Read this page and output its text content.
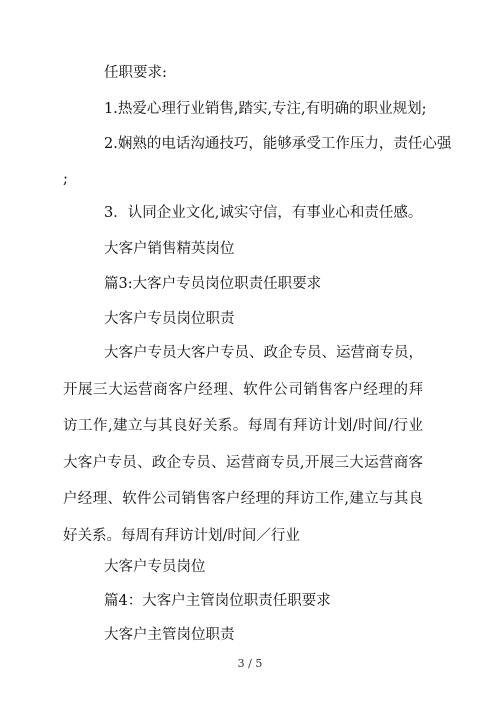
任职要求:
1.热爱心理行业销售,踏实,专注,有明确的职业规划;
2.娴熟的电话沟通技巧，能够承受工作压力，责任心强
;
3．认同企业文化,诚实守信，有事业心和责任感。
大客户销售精英岗位
篇3:大客户专员岗位职责任职要求
大客户专员岗位职责
大客户专员大客户专员、政企专员、运营商专员，开展三大运营商客户经理、软件公司销售客户经理的拜访工作,建立与其良好关系。每周有拜访计划/时间/行业大客户专员、政企专员、运营商专员,开展三大运营商客户经理、软件公司销售客户经理的拜访工作,建立与其良好关系。每周有拜访计划/时间／行业
大客户专员岗位
篇4：大客户主管岗位职责任职要求
大客户主管岗位职责
3 / 5
